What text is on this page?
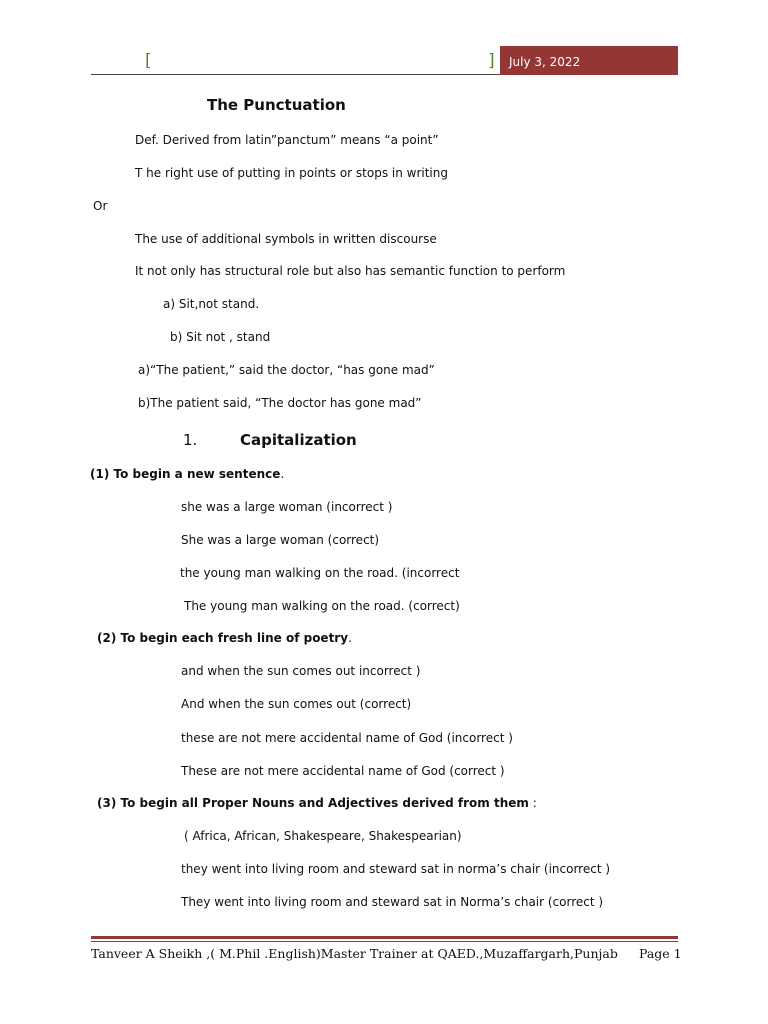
[	] July 3, 2022
The Punctuation
Def. Derived from latin”panctum” means “a point”
T he right use of putting in points or stops in writing
Or
The use of additional symbols in written discourse
It not only has structural role but also has semantic function to perform
a) Sit,not stand.
b) Sit not , stand
a)“The patient,” said the doctor, “has gone mad”
b)The patient said, “The doctor has gone mad”
1.	Capitalization
(1) To begin a new sentence.
she was a large woman (incorrect )
She was a large woman (correct)
the young man walking on the road. (incorrect
The young man walking on the road. (correct)
(2) To begin each fresh line of poetry.
and when the sun comes out incorrect )
And when the sun comes out (correct)
these are not mere accidental name of God (incorrect )
These are not mere accidental name of God (correct )
(3) To begin all Proper Nouns and Adjectives derived from them :
( Africa, African, Shakespeare, Shakespearian)
they went into living room and steward sat in norma’s chair (incorrect )
They went into living room and steward sat in Norma’s chair (correct )
Tanveer A Sheikh ,( M.Phil .English)Master Trainer at QAED.,Muzaffargarh,Punjab Page 1
